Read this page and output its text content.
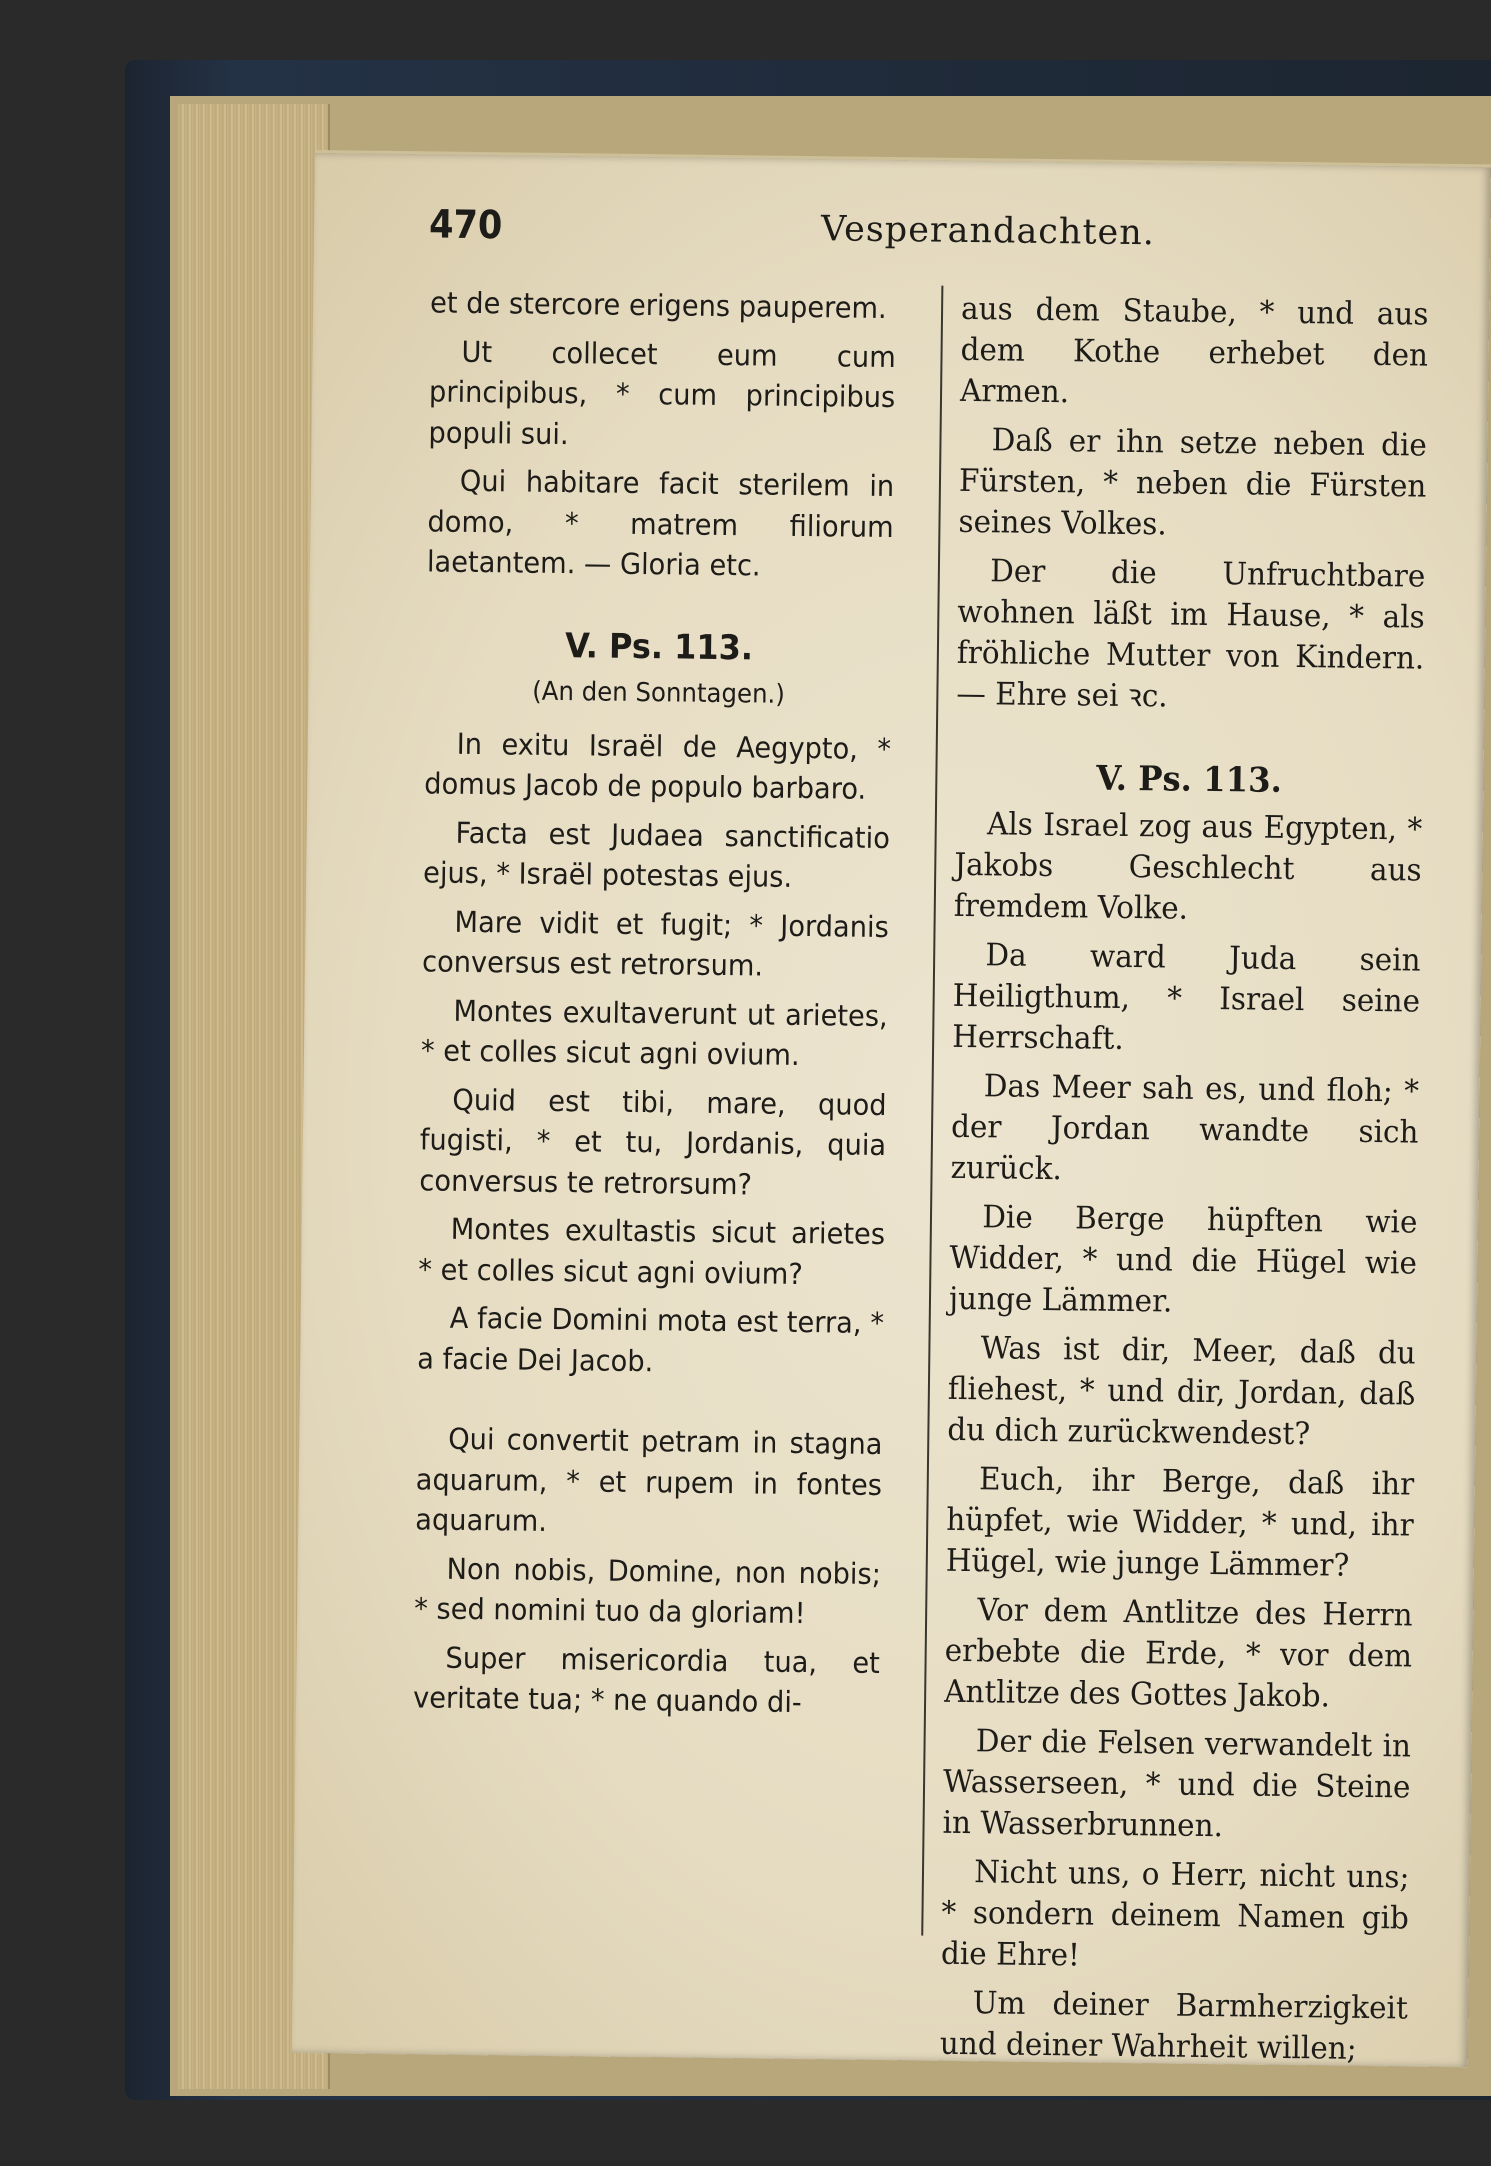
470	Vesperandachten.

et de stercore erigens pauperem.

Ut collecet eum cum principibus, * cum principibus populi sui.

Qui habitare facit sterilem in domo, * matrem filiorum laetantem. — Gloria etc.

V. Ps. 113.

(An den Sonntagen.)

In exitu Israël de Aegypto, * domus Jacob de populo barbaro.

Facta est Judaea sanctificatio ejus, * Israël potestas ejus.

Mare vidit et fugit; * Jordanis conversus est retrorsum.

Montes exultaverunt ut arietes, * et colles sicut agni ovium.

Quid est tibi, mare, quod fugisti, * et tu, Jordanis, quia conversus te retrorsum?

Montes exultastis sicut arietes * et colles sicut agni ovium?

A facie Domini mota est terra, * a facie Dei Jacob.

Qui convertit petram in stagna aquarum, * et rupem in fontes aquarum.

Non nobis, Domine, non nobis; * sed nomini tuo da gloriam!

Super misericordia tua, et veritate tua; * ne quando di-

aus dem Staube, * und aus dem Kothe erhebet den Armen.

Daß er ihn setze neben die Fürsten, * neben die Fürsten seines Volkes.

Der die Unfruchtbare wohnen läßt im Hause, * als fröhliche Mutter von Kindern. — Ehre sei ꝛc.

V. Ps. 113.

Als Israel zog aus Egypten, * Jakobs Geschlecht aus fremdem Volke.

Da ward Juda sein Heiligthum, * Israel seine Herrschaft.

Das Meer sah es, und floh; * der Jordan wandte sich zurück.

Die Berge hüpften wie Widder, * und die Hügel wie junge Lämmer.

Was ist dir, Meer, daß du fliehest, * und dir, Jordan, daß du dich zurückwendest?

Euch, ihr Berge, daß ihr hüpfet, wie Widder, * und, ihr Hügel, wie junge Lämmer?

Vor dem Antlitze des Herrn erbebte die Erde, * vor dem Antlitze des Gottes Jakob.

Der die Felsen verwandelt in Wasserseen, * und die Steine in Wasserbrunnen.

Nicht uns, o Herr, nicht uns; * sondern deinem Namen gib die Ehre!

Um deiner Barmherzigkeit und deiner Wahrheit willen;
